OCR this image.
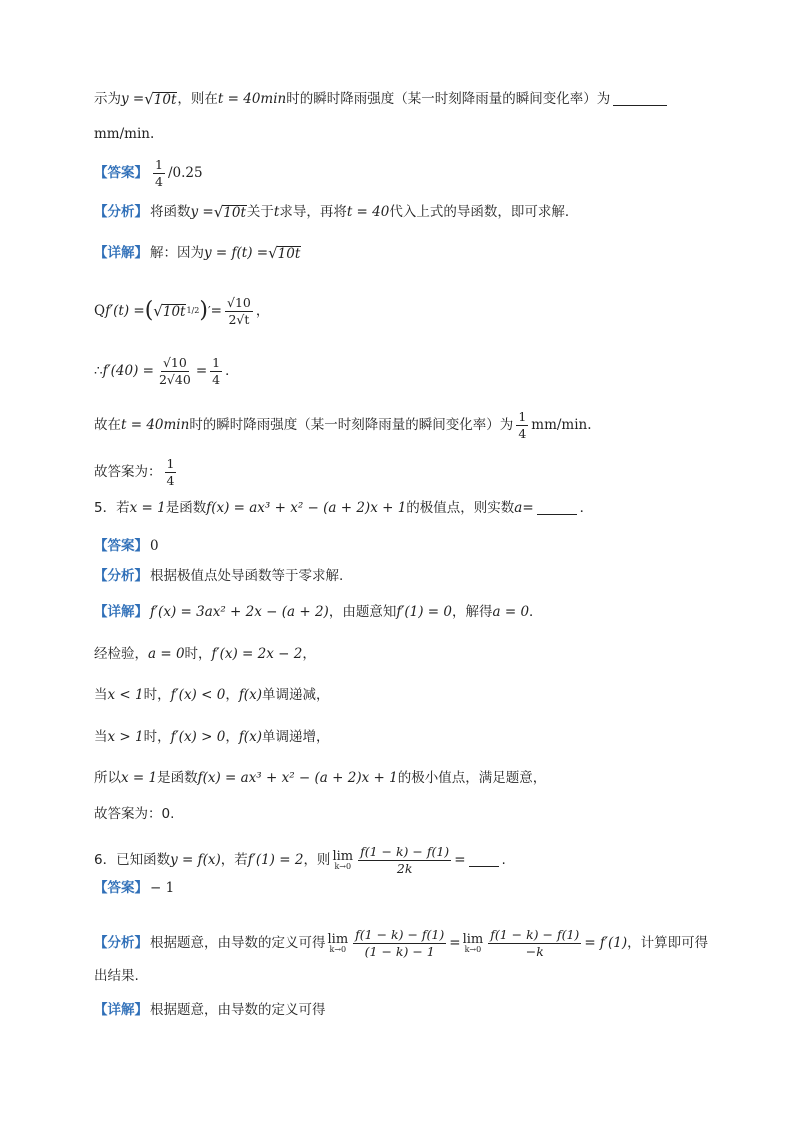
示为 y = √ 10t ，则在 t = 40min 时的瞬时降雨强度（某一时刻降雨量的瞬间变化率）为
mm/min.
【答案】 $\frac{1}{4} /0.25$
【分析】 将函数 y = √ 10t 关于 t 求导，再将 t = 40 代入上式的导函数，即可求解．
【详解】 解：因为 y = f(t) = √ 10t
Q f′(t) = ( √ 10t 1/2 ) ′ = $\frac{√10}{2√t}$ ，
∴ $f'(40) = \frac{√10}{2√40} = \frac{1}{4}$ ．
故在 t = 40min 时的瞬时降雨强度（某一时刻降雨量的瞬间变化率）为 $\frac{1}{4} mm/\min$.
故答案为： $\frac{1}{4}$
5．若 x = 1 是函数 f(x) = ax³ + x² − (a + 2)x + 1 的极值点，则实数 a =	．
【答案】 0
【分析】 根据极值点处导函数等于零求解.
【详解】 f′(x) = 3ax² + 2x − (a + 2) ，由题意知 f′(1) = 0 ，解得 a = 0 ．
经检验， a = 0 时， f′(x) = 2x − 2 ，
当 x < 1 时， f′(x) < 0 ， f(x) 单调递减，
当 x > 1 时， f′(x) > 0 ， f(x) 单调递增，
所以 x = 1 是函数 f(x) = ax³ + x² − (a + 2)x + 1 的极小值点，满足题意，
故答案为：0.
6．已知函数 y = f(x) ，若 f′(1) = 2 ，则 lim
$k\to 0 \frac{f(1 - k) - f(1)}{2k}$ =	.
【答案】 − 1
【分析】 根据题意，由导数的定义可得 lim
$k\to 0 \frac{f(1 - k) - f(1)}{(1 - k) - 1} = \lim$
$k\to 0 \frac{f(1 - k) - f(1)}{-k} = f'(1)$ ，计算即可得
出结果.
【详解】 根据题意，由导数的定义可得
